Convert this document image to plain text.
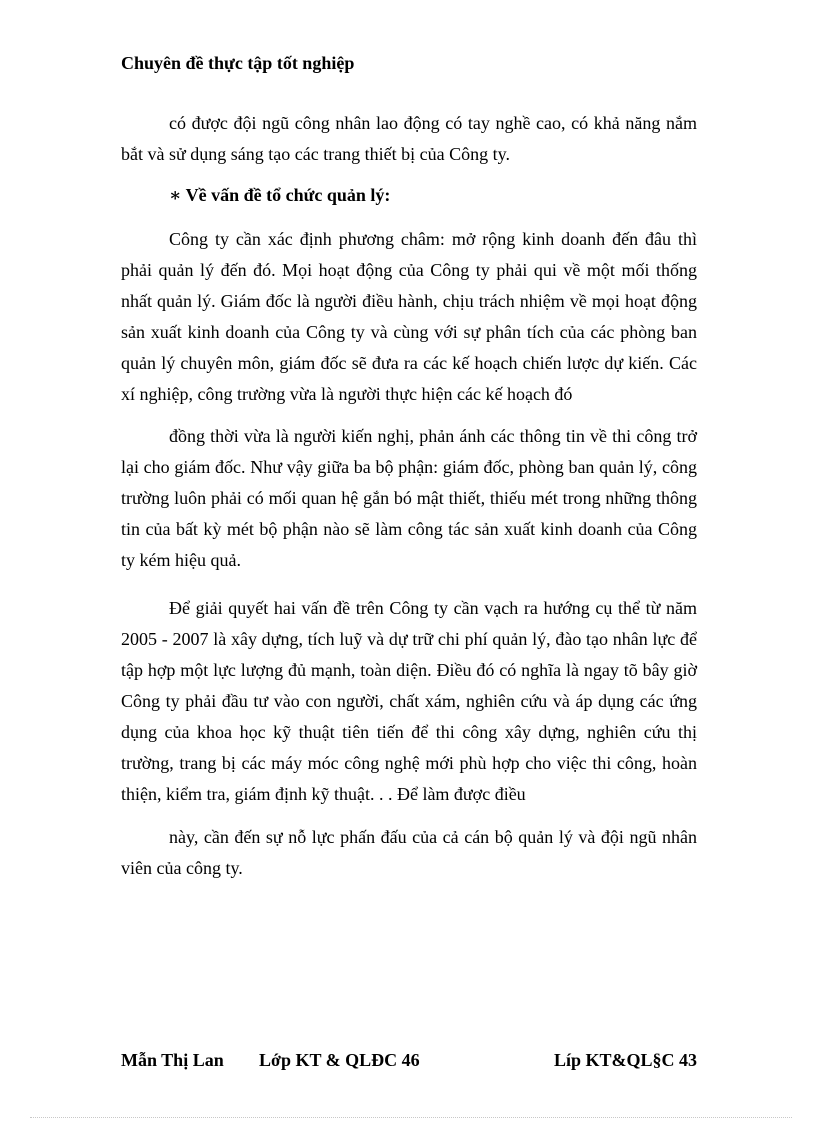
Chuyên đề thực tập tốt nghiệp

có được đội ngũ công nhân lao động có tay nghề cao, có khả năng nắm bắt và sử dụng sáng tạo các trang thiết bị của Công ty.

∗ Về vấn đề tổ chức quản lý:

Công ty cần xác định phương châm: mở rộng kinh doanh đến đâu thì phải quản lý đến đó. Mọi hoạt động của Công ty phải qui về một mối thống nhất quản lý. Giám đốc là người điều hành, chịu trách nhiệm về mọi hoạt động sản xuất kinh doanh của Công ty và cùng với sự phân tích của các phòng ban quản lý chuyên môn, giám đốc sẽ đưa ra các kế hoạch chiến lược dự kiến. Các xí nghiệp, công trường vừa là người thực hiện các kế hoạch đó

đồng thời vừa là người kiến nghị, phản ánh các thông tin về thi công trở lại cho giám đốc. Như vậy giữa ba bộ phận: giám đốc, phòng ban quản lý, công trường luôn phải có mối quan hệ gắn bó mật thiết, thiếu mét trong những thông tin của bất kỳ mét bộ phận nào sẽ làm công tác sản xuất kinh doanh của Công ty kém hiệu quả.

Để giải quyết hai vấn đề trên Công ty cần vạch ra hướng cụ thể từ năm 2005 - 2007 là xây dựng, tích luỹ và dự trữ chi phí quản lý, đào tạo nhân lực để tập hợp một lực lượng đủ mạnh, toàn diện. Điều đó có nghĩa là ngay tõ bây giờ Công ty phải đầu tư vào con người, chất xám, nghiên cứu và áp dụng các ứng dụng của khoa học kỹ thuật tiên tiến để thi công xây dựng, nghiên cứu thị trường, trang bị các máy móc công nghệ mới phù hợp cho việc thi công, hoàn thiện, kiểm tra, giám định kỹ thuật. . . Để làm được điều

này, cần đến sự nỗ lực phấn đấu của cả cán bộ quản lý và đội ngũ nhân viên của công ty.

Mẫn Thị Lan Lớp KT & QLĐC 46	Líp KT&QL§C 43
